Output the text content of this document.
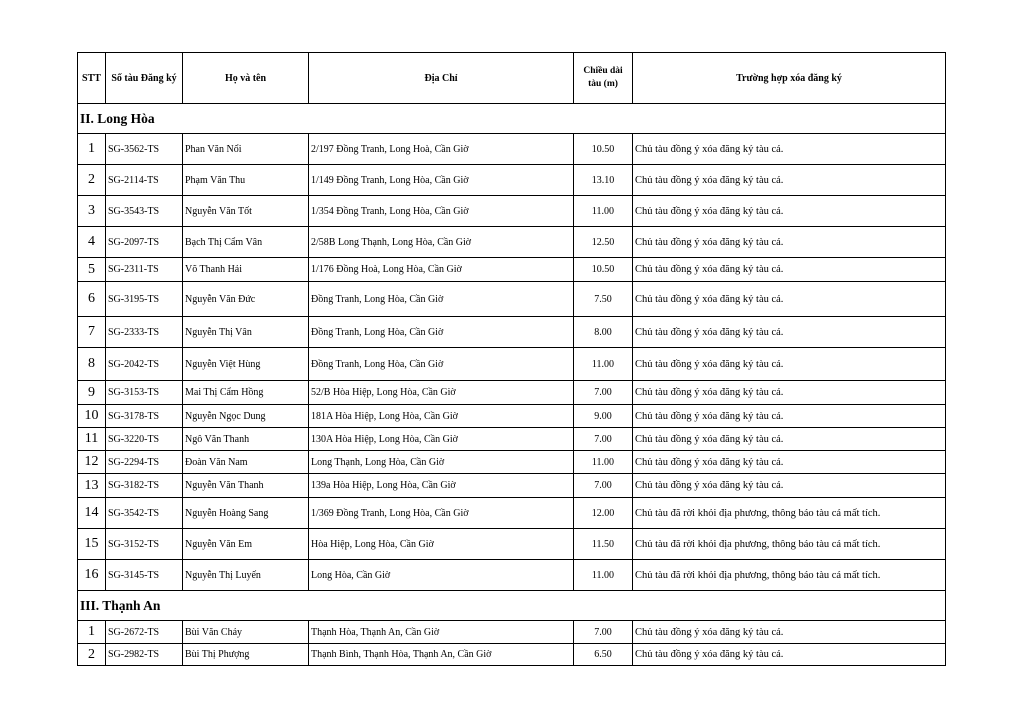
STT	Số tàu Đăng ký	Họ và tên	Địa Chỉ	Chiều dài tàu (m)	Trường hợp xóa đăng ký
II. Long Hòa					
1	SG-3562-TS	Phan Văn Nổi	2/197 Đồng Tranh, Long Hoà, Cần Giờ	10.50	Chủ tàu đồng ý xóa đăng ký tàu cá.
2	SG-2114-TS	Phạm Văn Thu	1/149 Đồng Tranh, Long Hòa, Cần Giờ	13.10	Chủ tàu đồng ý xóa đăng ký tàu cá.
3	SG-3543-TS	Nguyễn Văn Tốt	1/354 Đồng Tranh, Long Hòa, Cần Giờ	11.00	Chủ tàu đồng ý xóa đăng ký tàu cá.
4	SG-2097-TS	Bạch Thị Cẩm Vân	2/58B Long Thạnh, Long Hòa, Cần Giờ	12.50	Chủ tàu đồng ý xóa đăng ký tàu cá.
5	SG-2311-TS	Võ Thanh Hải	1/176 Đồng Hoà, Long Hòa, Cần Giờ	10.50	Chủ tàu đồng ý xóa đăng ký tàu cá.
6	SG-3195-TS	Nguyễn Văn Đức	Đồng Tranh, Long Hòa, Cần Giờ	7.50	Chủ tàu đồng ý xóa đăng ký tàu cá.
7	SG-2333-TS	Nguyễn Thị Vân	Đồng Tranh, Long Hòa, Cần Giờ	8.00	Chủ tàu đồng ý xóa đăng ký tàu cá.
8	SG-2042-TS	Nguyễn Việt Hùng	Đồng Tranh, Long Hòa, Cần Giờ	11.00	Chủ tàu đồng ý xóa đăng ký tàu cá.
9	SG-3153-TS	Mai Thị Cẩm Hồng	52/B Hòa Hiệp, Long Hòa, Cần Giờ	7.00	Chủ tàu đồng ý xóa đăng ký tàu cá.
10	SG-3178-TS	Nguyễn Ngọc Dung	181A Hòa Hiệp, Long Hòa, Cần Giờ	9.00	Chủ tàu đồng ý xóa đăng ký tàu cá.
11	SG-3220-TS	Ngô Văn Thanh	130A Hòa Hiệp, Long Hòa, Cần Giờ	7.00	Chủ tàu đồng ý xóa đăng ký tàu cá.
12	SG-2294-TS	Đoàn Văn Nam	Long Thạnh, Long Hòa, Cần Giờ	11.00	Chủ tàu đồng ý xóa đăng ký tàu cá.
13	SG-3182-TS	Nguyễn Văn Thanh	139a Hòa Hiệp, Long Hòa, Cần Giờ	7.00	Chủ tàu đồng ý xóa đăng ký tàu cá.
14	SG-3542-TS	Nguyễn Hoàng Sang	1/369 Đồng Tranh, Long Hòa, Cần Giờ	12.00	Chủ tàu đã rời khỏi địa phương, thông báo tàu cá mất tích.
15	SG-3152-TS	Nguyễn Văn Em	Hòa Hiệp, Long Hòa, Cần Giờ	11.50	Chủ tàu đã rời khỏi địa phương, thông báo tàu cá mất tích.
16	SG-3145-TS	Nguyễn Thị Luyến	Long Hòa, Cần Giờ	11.00	Chủ tàu đã rời khỏi địa phương, thông báo tàu cá mất tích.
III. Thạnh An					
1	SG-2672-TS	Bùi Văn Chảy	Thạnh Hòa, Thạnh An, Cần Giờ	7.00	Chủ tàu đồng ý xóa đăng ký tàu cá.
2	SG-2982-TS	Bùi Thị Phượng	Thạnh Bình, Thạnh Hòa, Thạnh An, Cần Giờ	6.50	Chủ tàu đồng ý xóa đăng ký tàu cá.
